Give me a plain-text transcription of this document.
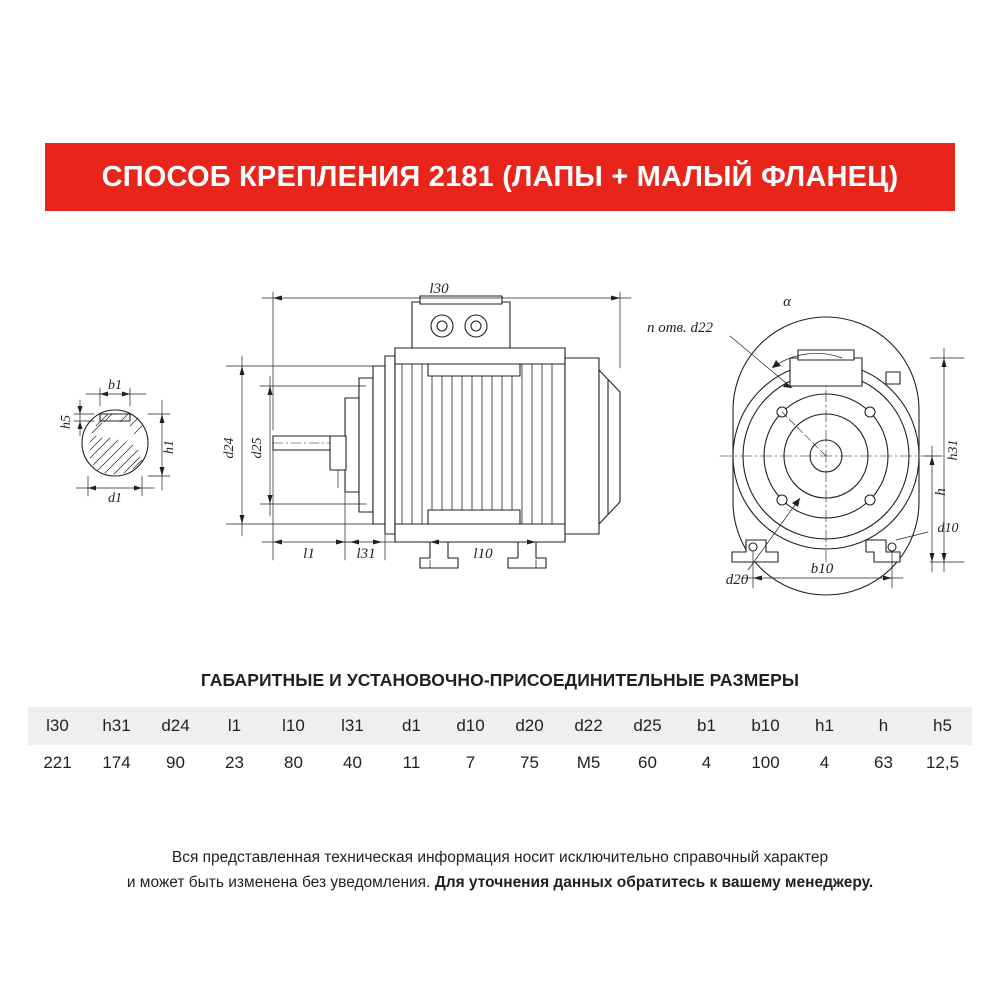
СПОСОБ КРЕПЛЕНИЯ 2181 (ЛАПЫ + МАЛЫЙ ФЛАНЕЦ)
l30
b1
h5
h1
d1
d24 d25
l1	l31	l10
α
n отв. d22
h31
h
d20
b10
d10
ГАБАРИТНЫЕ И УСТАНОВОЧНО-ПРИСОЕДИНИТЕЛЬНЫЕ РАЗМЕРЫ
l30	h31	d24	l1	l10	l31	d1	d10	d20	d22	d25	b1	b10	h1	h	h5
221	174	90	23	80	40	11	7	75	M5	60	4	100	4	63	12,5
Вся представленная техническая информация носит исключительно справочный характер
и может быть изменена без уведомления. Для уточнения данных обратитесь к вашему менеджеру.
